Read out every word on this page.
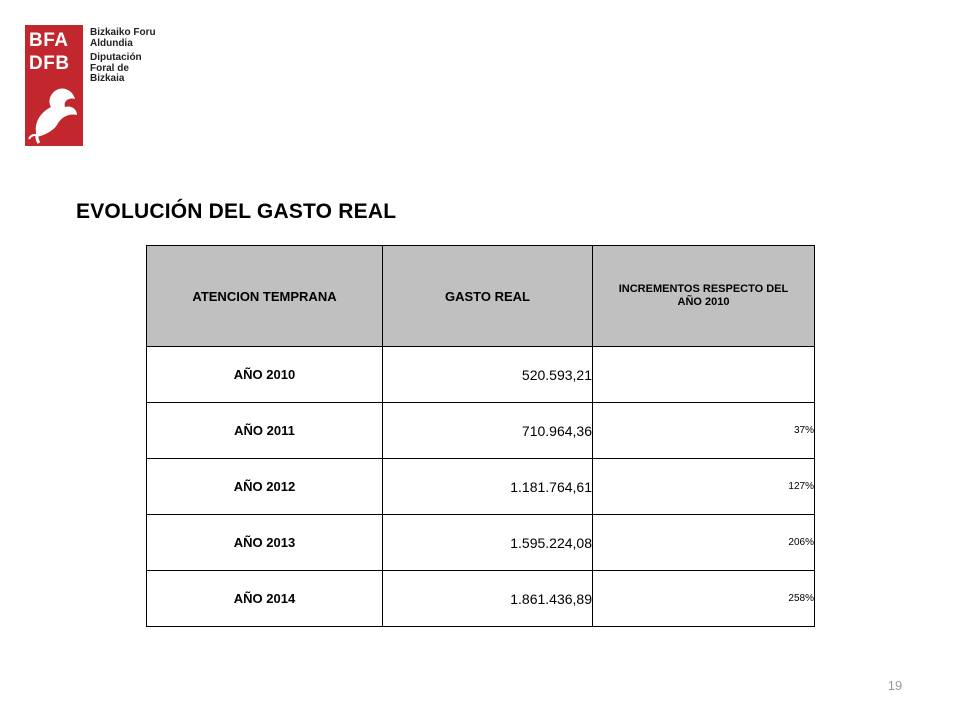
BFA
DFB
Bizkaiko Foru
Aldundia
Diputación
Foral de Bizkaia
EVOLUCIÓN DEL GASTO REAL
ATENCION TEMPRANA	GASTO REAL	INCREMENTOS RESPECTO DEL AÑO 2010
AÑO 2010	520.593,21	
AÑO 2011	710.964,36	37%
AÑO 2012	1.181.764,61	127%
AÑO 2013	1.595.224,08	206%
AÑO 2014	1.861.436,89	258%
19
